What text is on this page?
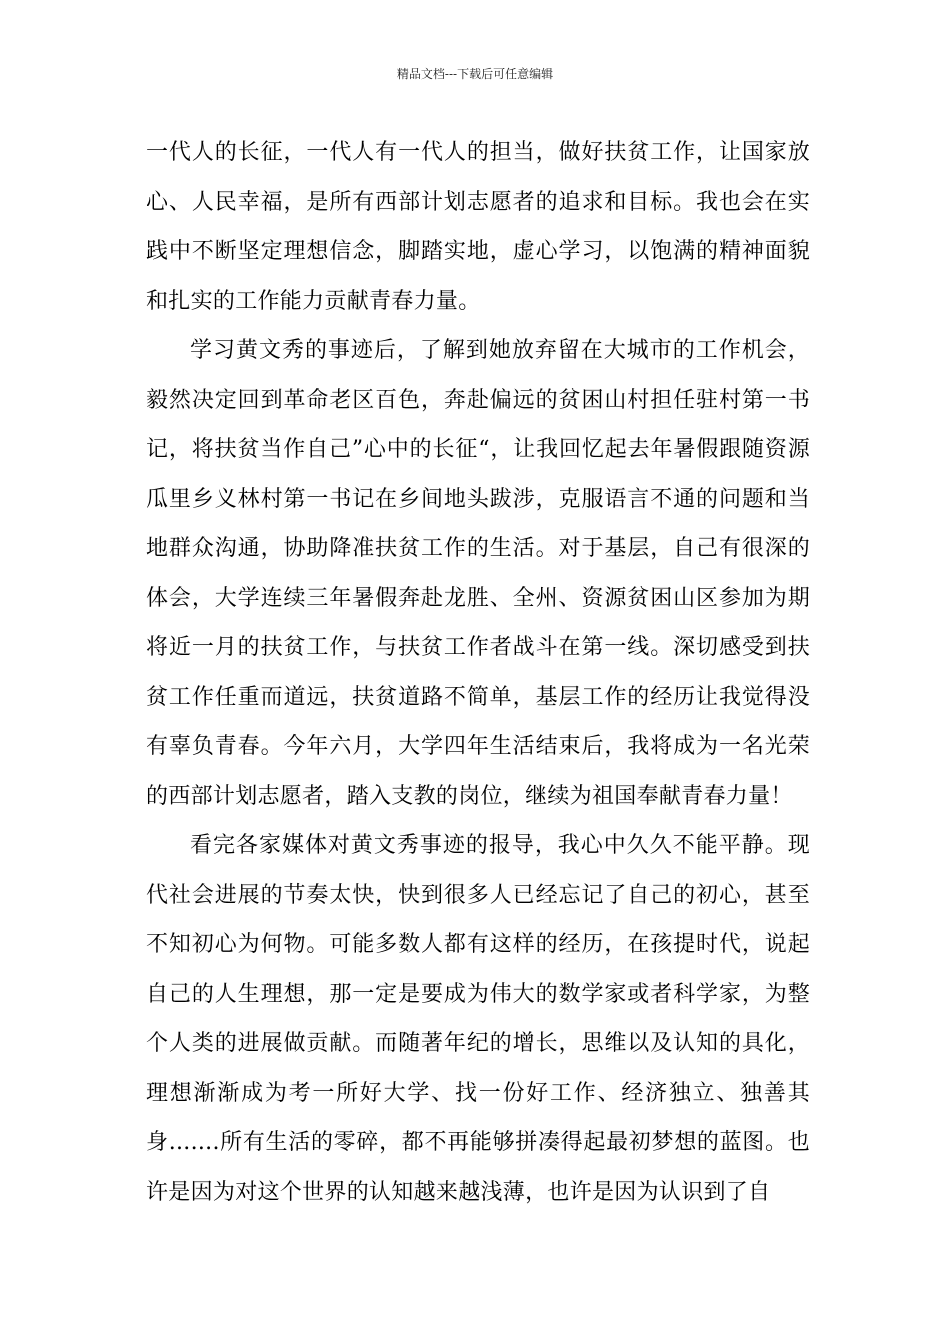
精品文档---下载后可任意编辑

一代人的长征，一代人有一代人的担当，做好扶贫工作，让国家放心、人民幸福，是所有西部计划志愿者的追求和目标。我也会在实践中不断坚定理想信念，脚踏实地，虚心学习，以饱满的精神面貌和扎实的工作能力贡献青春力量。

学习黄文秀的事迹后，了解到她放弃留在大城市的工作机会，毅然决定回到革命老区百色，奔赴偏远的贫困山村担任驻村第一书记，将扶贫当作自己”心中的长征“，让我回忆起去年暑假跟随资源瓜里乡义林村第一书记在乡间地头跋涉，克服语言不通的问题和当地群众沟通，协助降准扶贫工作的生活。对于基层，自己有很深的体会，大学连续三年暑假奔赴龙胜、全州、资源贫困山区参加为期将近一月的扶贫工作，与扶贫工作者战斗在第一线。深切感受到扶贫工作任重而道远，扶贫道路不简单，基层工作的经历让我觉得没有辜负青春。今年六月，大学四年生活结束后，我将成为一名光荣的西部计划志愿者，踏入支教的岗位，继续为祖国奉献青春力量！

看完各家媒体对黄文秀事迹的报导，我心中久久不能平静。现代社会进展的节奏太快，快到很多人已经忘记了自己的初心，甚至不知初心为何物。可能多数人都有这样的经历，在孩提时代，说起自己的人生理想，那一定是要成为伟大的数学家或者科学家，为整个人类的进展做贡献。而随著年纪的增长，思维以及认知的具化，理想渐渐成为考一所好大学、找一份好工作、经济独立、独善其身.......所有生活的零碎，都不再能够拼凑得起最初梦想的蓝图。也许是因为对这个世界的认知越来越浅薄，也许是因为认识到了自
